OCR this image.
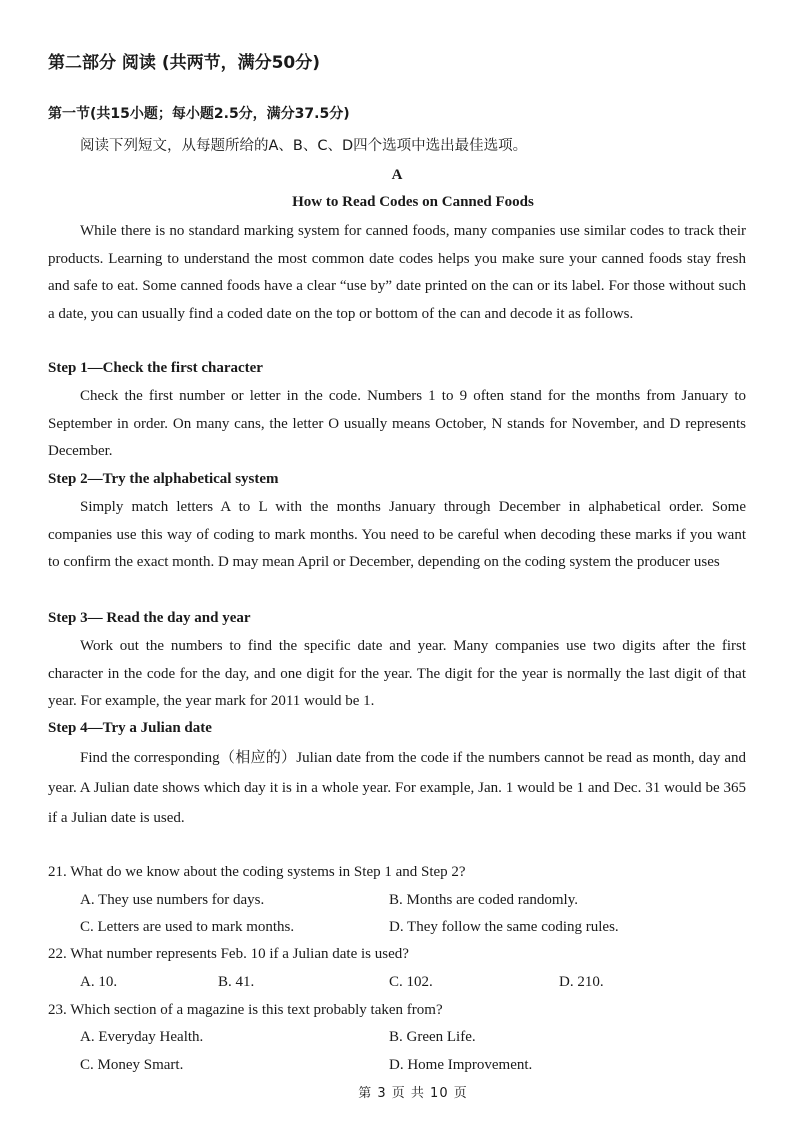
第二部分 阅读 (共两节，满分50分)
第一节(共15小题；每小题2.5分，满分37.5分)
阅读下列短文，从每题所给的A、B、C、D四个选项中选出最佳选项。
A
How to Read Codes on Canned Foods

While there is no standard marking system for canned foods, many companies use similar codes to track their products. Learning to understand the most common date codes helps you make sure your canned foods stay fresh and safe to eat. Some canned foods have a clear “use by” date printed on the can or its label. For those without such a date, you can usually find a coded date on the top or bottom of the can and decode it as follows.

Step 1—Check the first character

Check the first number or letter in the code. Numbers 1 to 9 often stand for the months from January to September in order. On many cans, the letter O usually means October, N stands for November, and D represents December.

Step 2—Try the alphabetical system

Simply match letters A to L with the months January through December in alphabetical order. Some companies use this way of coding to mark months. You need to be careful when decoding these marks if you want to confirm the exact month. D may mean April or December, depending on the coding system the producer uses

Step 3— Read the day and year

Work out the numbers to find the specific date and year. Many companies use two digits after the first character in the code for the day, and one digit for the year. The digit for the year is normally the last digit of that year. For example, the year mark for 2011 would be 1.

Step 4—Try a Julian date

Find the corresponding（相应的）Julian date from the code if the numbers cannot be read as month, day and year. A Julian date shows which day it is in a whole year. For example, Jan. 1 would be 1 and Dec. 31 would be 365 if a Julian date is used.

21. What do we know about the coding systems in Step 1 and Step 2?
A. They use numbers for days.	B. Months are coded randomly.
C. Letters are used to mark months.	D. They follow the same coding rules.
22. What number represents Feb. 10 if a Julian date is used?
A. 10.	B. 41.	C. 102.	D. 210.
23. Which section of a magazine is this text probably taken from?
A. Everyday Health.	B. Green Life.
C. Money Smart.	D. Home Improvement.
第 3 页 共 10 页
